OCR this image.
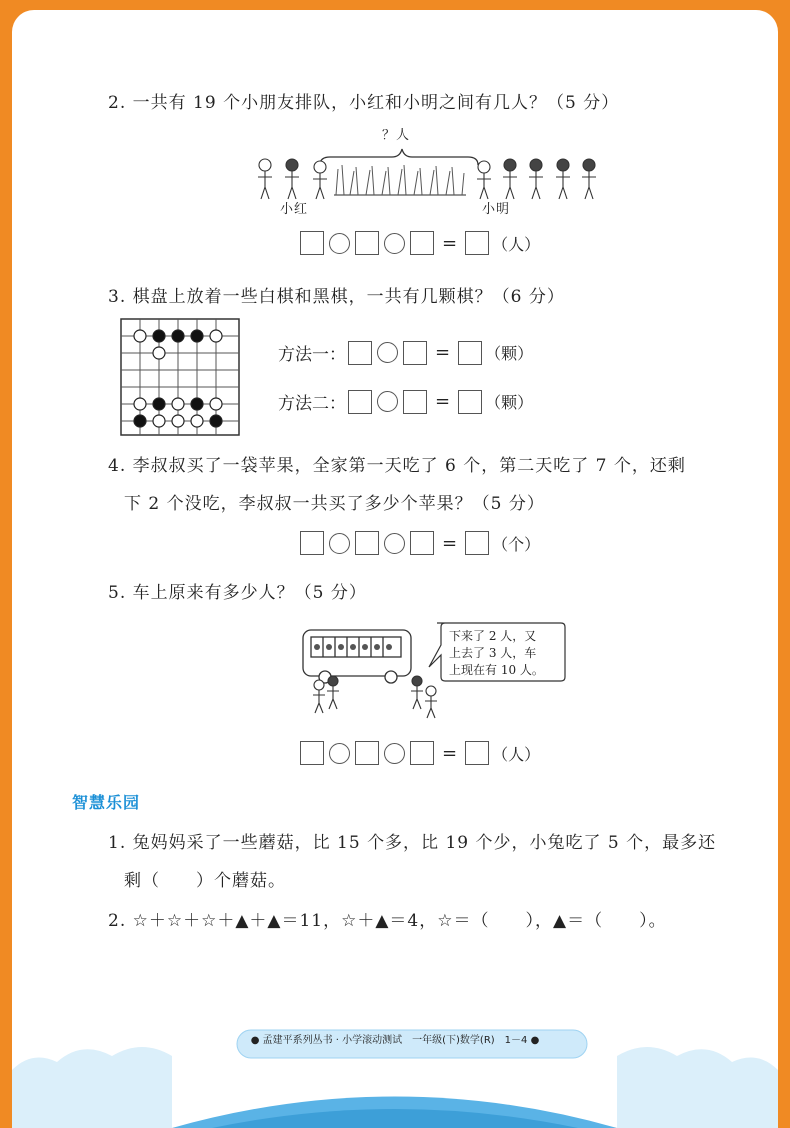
2. 一共有 19 个小朋友排队，小红和小明之间有几人？（5 分）
？人
小红	小明
= （人）
3. 棋盘上放着一些白棋和黑棋，一共有几颗棋？（6 分）
方法一：	= （颗）
方法二：	= （颗）
4. 李叔叔买了一袋苹果，全家第一天吃了 6 个，第二天吃了 7 个，还剩
下 2 个没吃，李叔叔一共买了多少个苹果？（5 分）
= （个）
5. 车上原来有多少人？（5 分）
下来了 2 人，又
上去了 3 人，车
上现在有 10 人。
= （人）
智慧乐园
1. 兔妈妈采了一些蘑菇，比 15 个多，比 19 个少，小兔吃了 5 个，最多还
剩（　　）个蘑菇。
2. ☆＋☆＋☆＋▲＋▲＝11，☆＋▲＝4，☆＝（　　），▲＝（　　）。
● 孟建平系列丛书 · 小学滚动测试　一年级(下)数学(R)　1－4 ●
